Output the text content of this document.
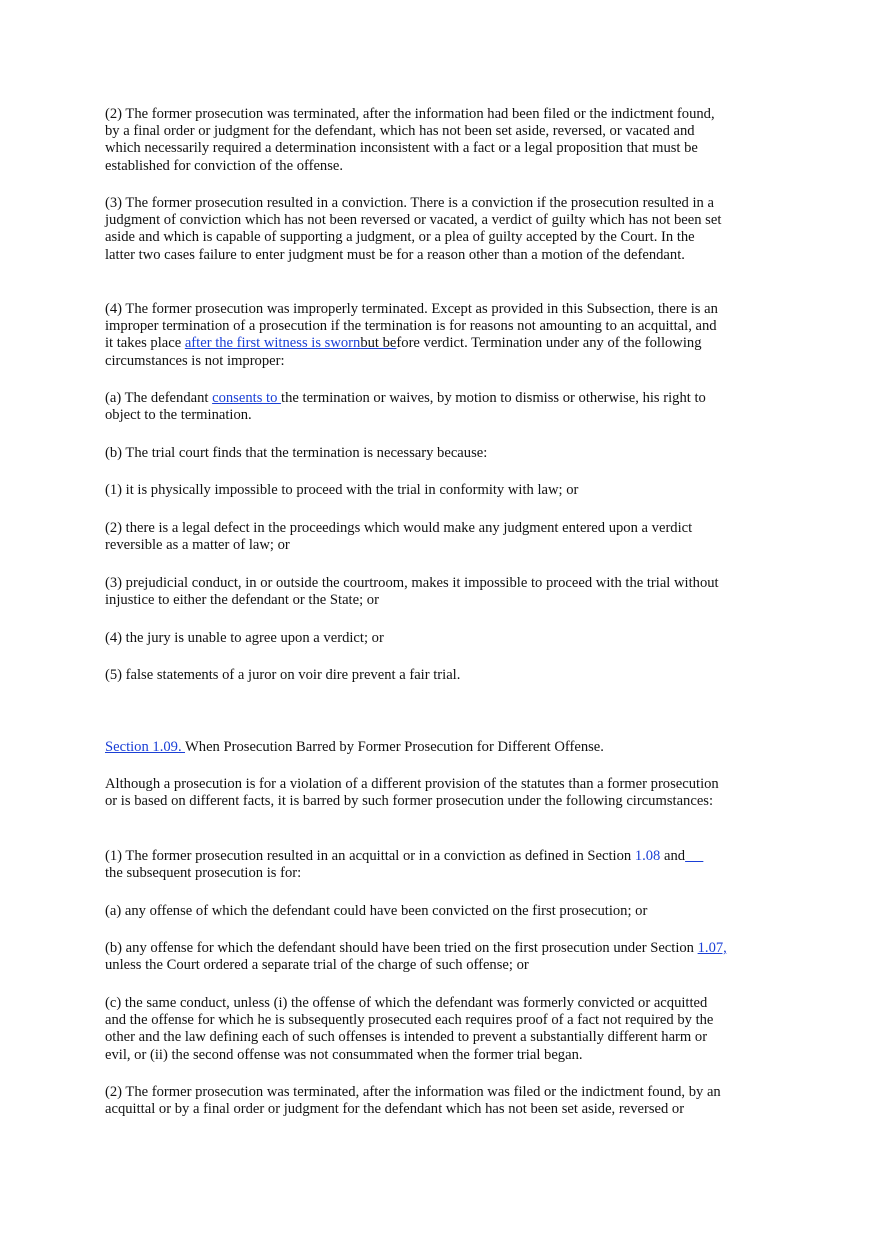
(2) The former prosecution was terminated, after the information had been filed or the indictment found, by a final order or judgment for the defendant, which has not been set aside, reversed, or vacated and which necessarily required a determination inconsistent with a fact or a legal proposition that must be established for conviction of the offense.

(3) The former prosecution resulted in a conviction. There is a conviction if the prosecution resulted in a judgment of conviction which has not been reversed or vacated, a verdict of guilty which has not been set aside and which is capable of supporting a judgment, or a plea of guilty accepted by the Court. In the latter two cases failure to enter judgment must be for a reason other than a motion of the defendant.

(4) The former prosecution was improperly terminated. Except as provided in this Subsection, there is an improper termination of a prosecution if the termination is for reasons not amounting to an acquittal, and it takes place after the first witness is swornbut before verdict. Termination under any of the following circumstances is not improper:

(a) The defendant consents to the termination or waives, by motion to dismiss or otherwise, his right to object to the termination.

(b) The trial court finds that the termination is necessary because:

(1) it is physically impossible to proceed with the trial in conformity with law; or

(2) there is a legal defect in the proceedings which would make any judgment entered upon a verdict reversible as a matter of law; or

(3) prejudicial conduct, in or outside the courtroom, makes it impossible to proceed with the trial without injustice to either the defendant or the State; or

(4) the jury is unable to agree upon a verdict; or

(5) false statements of a juror on voir dire prevent a fair trial.

Section 1.09. When Prosecution Barred by Former Prosecution for Different Offense.

Although a prosecution is for a violation of a different provision of the statutes than a former prosecution or is based on different facts, it is barred by such former prosecution under the following circumstances:

(1) The former prosecution resulted in an acquittal or in a conviction as defined in Section 1.08 and
the subsequent prosecution is for:

(a) any offense of which the defendant could have been convicted on the first prosecution; or

(b) any offense for which the defendant should have been tried on the first prosecution under Section 1.07, unless the Court ordered a separate trial of the charge of such offense; or

(c) the same conduct, unless (i) the offense of which the defendant was formerly convicted or acquitted and the offense for which he is subsequently prosecuted each requires proof of a fact not required by the other and the law defining each of such offenses is intended to prevent a substantially different harm or evil, or (ii) the second offense was not consummated when the former trial began.

(2) The former prosecution was terminated, after the information was filed or the indictment found, by an acquittal or by a final order or judgment for the defendant which has not been set aside, reversed or
